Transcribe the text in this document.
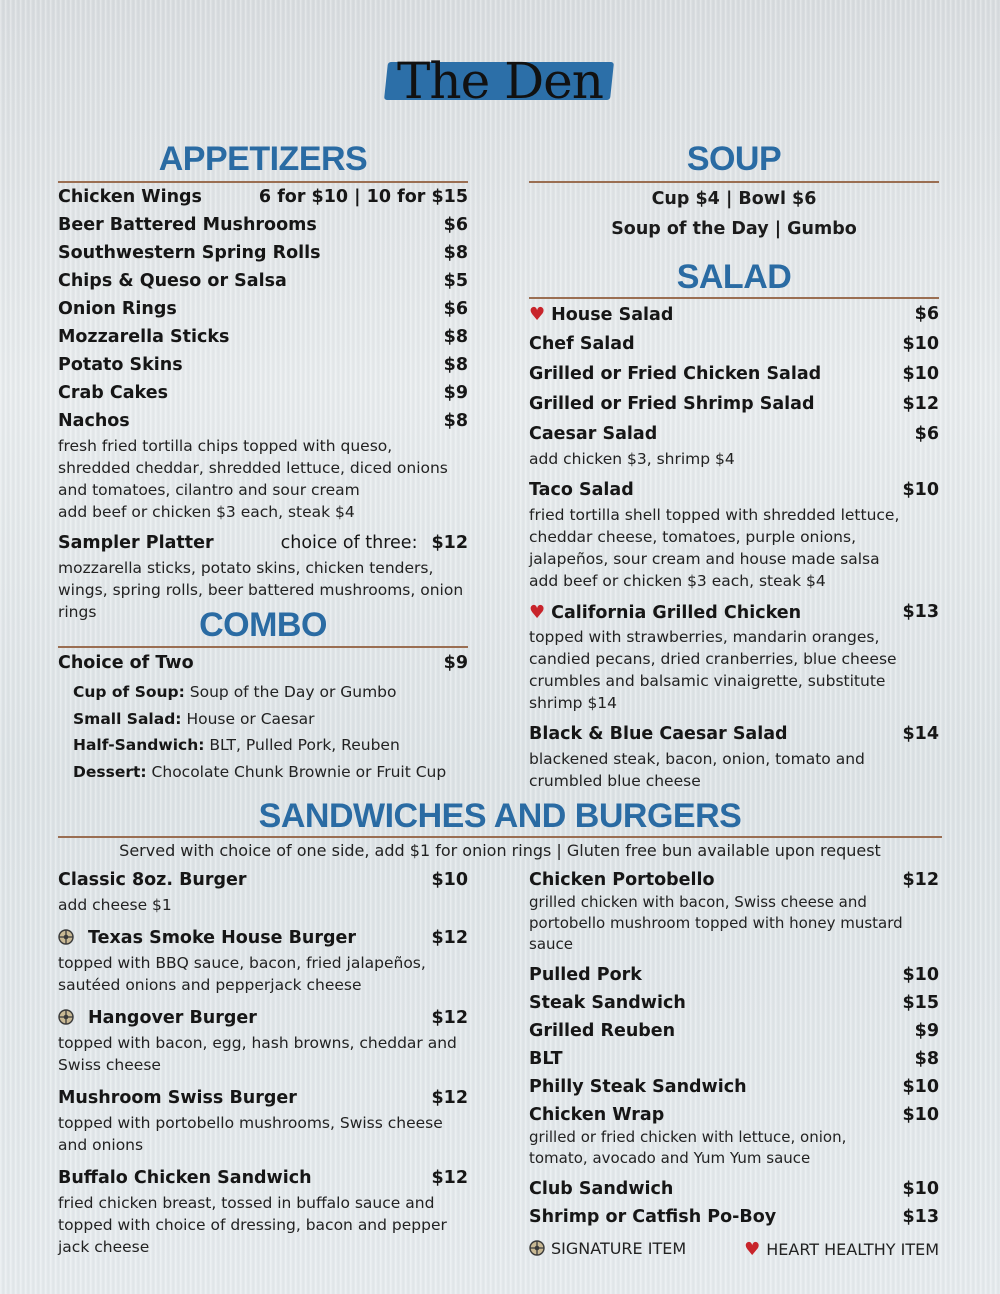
The Den
APPETIZERS
Chicken Wings	6 for $10 | 10 for $15
Beer Battered Mushrooms	$6
Southwestern Spring Rolls	$8
Chips & Queso or Salsa	$5
Onion Rings	$6
Mozzarella Sticks	$8
Potato Skins	$8
Crab Cakes	$9
Nachos	$8
fresh fried tortilla chips topped with queso, shredded cheddar, shredded lettuce, diced onions and tomatoes, cilantro and sour cream
add beef or chicken $3 each, steak $4
Sampler Platter	choice of three: $12
mozzarella sticks, potato skins, chicken tenders, wings, spring rolls, beer battered mushrooms, onion rings	COMBO
Choice of Two	$9
Cup of Soup: Soup of the Day or Gumbo
Small Salad: House or Caesar
Half-Sandwich: BLT, Pulled Pork, Reuben
Dessert: Chocolate Chunk Brownie or Fruit Cup
SOUP
Cup $4 | Bowl $6
Soup of the Day | Gumbo
SALAD
♥ House Salad	$6
Chef Salad	$10
Grilled or Fried Chicken Salad	$10
Grilled or Fried Shrimp Salad	$12
Caesar Salad	$6
add chicken $3, shrimp $4
Taco Salad	$10
fried tortilla shell topped with shredded lettuce, cheddar cheese, tomatoes, purple onions, jalapeños, sour cream and house made salsa
add beef or chicken $3 each, steak $4
♥ California Grilled Chicken	$13
topped with strawberries, mandarin oranges, candied pecans, dried cranberries, blue cheese crumbles and balsamic vinaigrette, substitute shrimp $14
Black & Blue Caesar Salad	$14
blackened steak, bacon, onion, tomato and crumbled blue cheese
SANDWICHES AND BURGERS
Served with choice of one side, add $1 for onion rings | Gluten free bun available upon request
Classic 8oz. Burger	$10
add cheese $1
Texas Smoke House Burger	$12
topped with BBQ sauce, bacon, fried jalapeños, sautéed onions and pepperjack cheese
Hangover Burger	$12
topped with bacon, egg, hash browns, cheddar and Swiss cheese
Mushroom Swiss Burger	$12
topped with portobello mushrooms, Swiss cheese and onions
Buffalo Chicken Sandwich	$12
fried chicken breast, tossed in buffalo sauce and topped with choice of dressing, bacon and pepper jack cheese
Chicken Portobello	$12
grilled chicken with bacon, Swiss cheese and portobello mushroom topped with honey mustard sauce
Pulled Pork	$10
Steak Sandwich	$15
Grilled Reuben	$9
BLT	$8
Philly Steak Sandwich	$10
Chicken Wrap	$10
grilled or fried chicken with lettuce, onion, tomato, avocado and Yum Yum sauce
Club Sandwich	$10
Shrimp or Catfish Po-Boy	$13
SIGNATURE ITEM	♥ HEART HEALTHY ITEM
